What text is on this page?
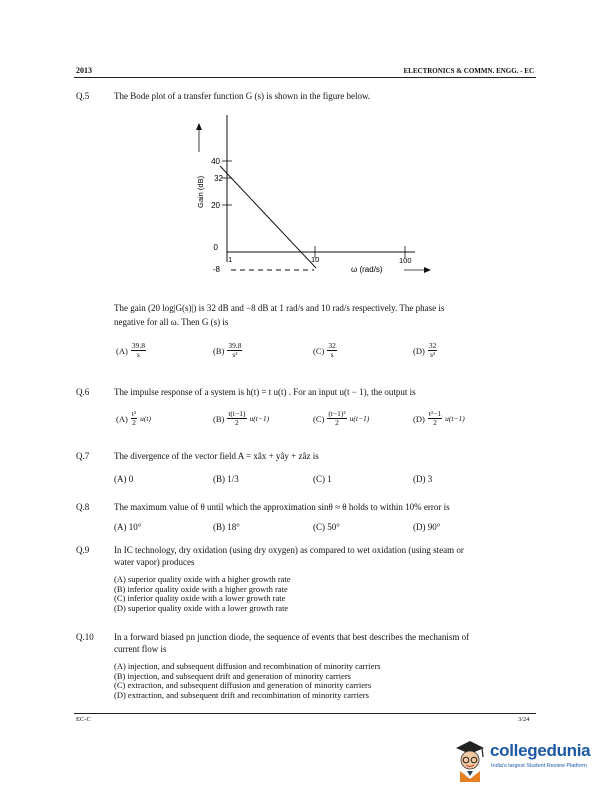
2013	ELECTRONICS & COMMN. ENGG. - EC
Q.5	The Bode plot of a transfer function G (s) is shown in the figure below.
40
32
20
0
-8
1	10	100
ω (rad/s)
Gain (dB)
The gain (20 log|G(s)|) is 32 dB and −8 dB at 1 rad/s and 10 rad/s respectively. The phase is
negative for all ω. Then G (s) is
$(A) \frac{39.8}{s}$	$(B) \frac{39.8}{\text{s²}}$	$(C) \frac{32}{s}$	$(D) \frac{32}{\text{s²}}$
Q.6	The impulse response of a system is h(t) = t u(t) . For an input u(t − 1), the output is
$(A) \frac{\text{t²}}{2} u(t)$	$(B) \frac{t(t-1)}{2} u(t-1)$	$(C) \frac{\text{(t−1)²}}{2} u(t-1)$	$(D) \frac{\text{t²−1}}{2} u(t-1)$
Q.7	The divergence of the vector field A = xâx + yây + zâz is
(A) 0	(B) 1/3	(C) 1	(D) 3
Q.8	The maximum value of θ until which the approximation sinθ ≈ θ holds to within 10% error is
(A) 10°	(B) 18°	(C) 50°	(D) 90°
Q.9	In IC technology, dry oxidation (using dry oxygen) as compared to wet oxidation (using steam or
water vapor) produces
(A) superior quality oxide with a higher growth rate
(B) inferior quality oxide with a higher growth rate
(C) inferior quality oxide with a lower growth rate
(D) superior quality oxide with a lower growth rate
Q.10 In a forward biased pn junction diode, the sequence of events that best describes the mechanism of
current flow is
(A) injection, and subsequent diffusion and recombination of minority carriers
(B) injection, and subsequent drift and generation of minority carriers
(C) extraction, and subsequent diffusion and generation of minority carriers
(D) extraction, and subsequent drift and recombination of minority carriers
EC-C	3/24
collegedunia
India's largest Student Review Platform
